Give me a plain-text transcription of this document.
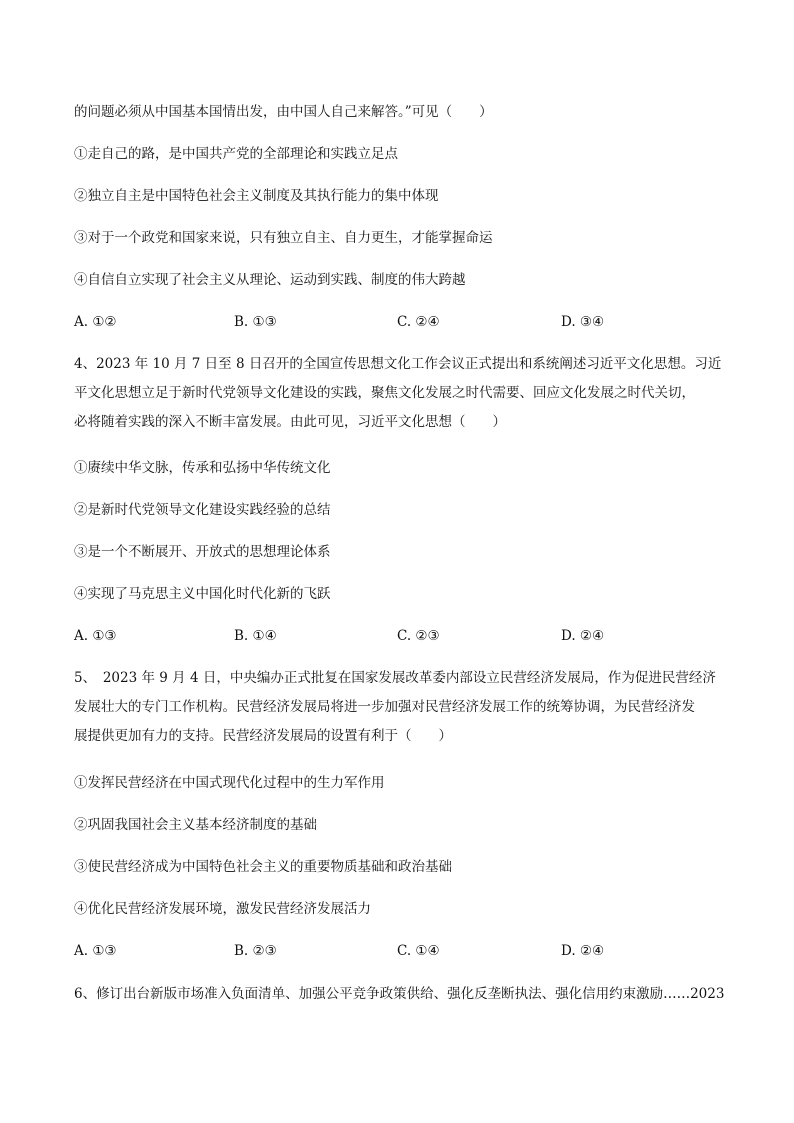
的问题必须从中国基本国情出发，由中国人自己来解答。”可见（　　）
①走自己的路，是中国共产党的全部理论和实践立足点
②独立自主是中国特色社会主义制度及其执行能力的集中体现
③对于一个政党和国家来说，只有独立自主、自力更生，才能掌握命运
④自信自立实现了社会主义从理论、运动到实践、制度的伟大跨越
A. ①②	B. ①③	C. ②④	D. ③④
4、2023 年 10 月 7 日至 8 日召开的全国宣传思想文化工作会议正式提出和系统阐述习近平文化思想。习近
平文化思想立足于新时代党领导文化建设的实践，聚焦文化发展之时代需要、回应文化发展之时代关切，
必将随着实践的深入不断丰富发展。由此可见，习近平文化思想（　　）
①赓续中华文脉，传承和弘扬中华传统文化
②是新时代党领导文化建设实践经验的总结
③是一个不断展开、开放式的思想理论体系
④实现了马克思主义中国化时代化新的飞跃
A. ①③	B. ①④	C. ②③	D. ②④
5、　2023 年 9 月 4 日，中央编办正式批复在国家发展改革委内部设立民营经济发展局，作为促进民营经济
发展壮大的专门工作机构。民营经济发展局将进一步加强对民营经济发展工作的统筹协调，为民营经济发
展提供更加有力的支持。民营经济发展局的设置有利于（　　）
①发挥民营经济在中国式现代化过程中的生力军作用
②巩固我国社会主义基本经济制度的基础
③使民营经济成为中国特色社会主义的重要物质基础和政治基础
④优化民营经济发展环境，激发民营经济发展活力
A. ①③	B. ②③	C. ①④	D. ②④
6、修订出台新版市场准入负面清单、加强公平竞争政策供给、强化反垄断执法、强化信用约束激励……2023
